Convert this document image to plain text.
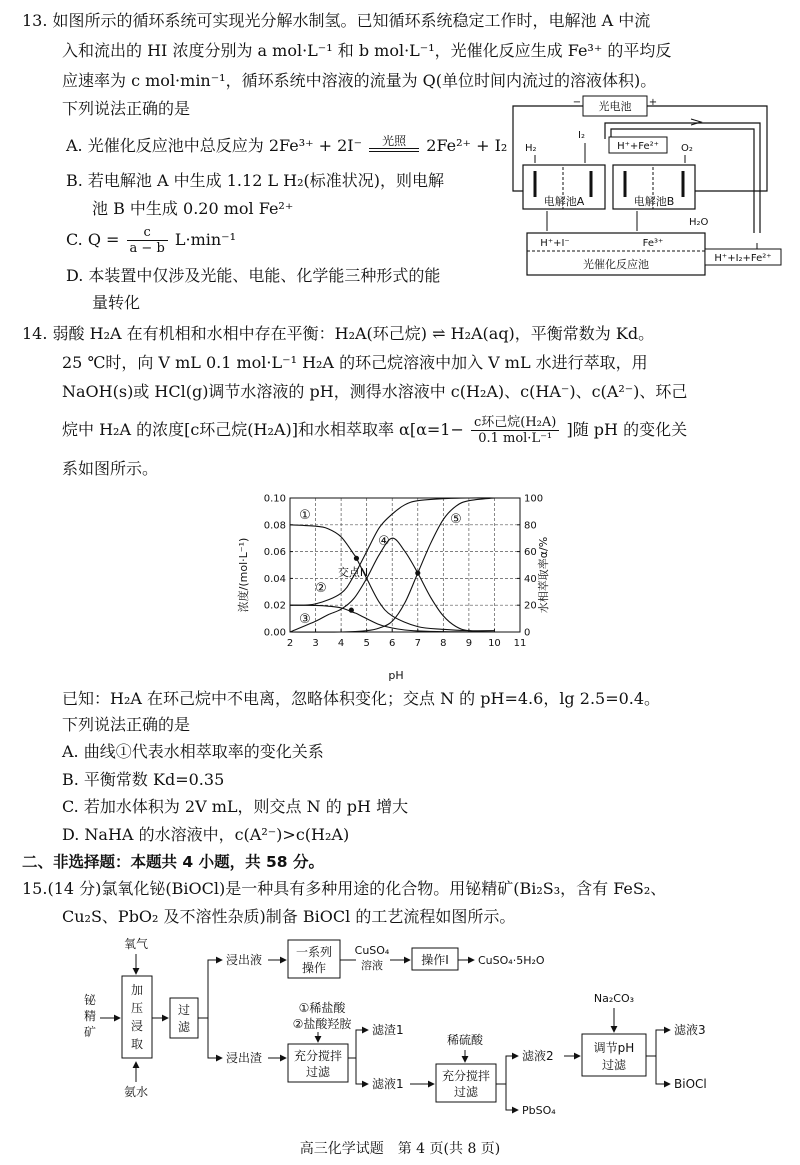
13. 如图所示的循环系统可实现光分解水制氢。已知循环系统稳定工作时，电解池 A 中流
入和流出的 HI 浓度分别为 a mol·L⁻¹ 和 b mol·L⁻¹，光催化反应生成 Fe³⁺ 的平均反
应速率为 c mol·min⁻¹，循环系统中溶液的流量为 Q(单位时间内流过的溶液体积)。
下列说法正确的是
A. 光催化反应池中总反应为 2Fe³⁺ + 2I⁻	光照	2Fe²⁺ + I₂
B. 若电解池 A 中生成 1.12 L H₂(标准状况)，则电解
池 B 中生成 0.20 mol Fe²⁺
C. $Q = \frac{c}{a - b} L\cdot\min^{-1}$
D. 本装置中仅涉及光能、电能、化学能三种形式的能
量转化
光电池
−	+
电解池A	电解池B
H₂
I₂
H⁺+Fe²⁺ O₂
H₂O
H⁺+I⁻	Fe³⁺
光催化反应池	H⁺+I₂+Fe²⁺
14. 弱酸 H₂A 在有机相和水相中存在平衡：H₂A(环己烷) ⇌ H₂A(aq)，平衡常数为 Kd。
25 ℃时，向 V mL 0.1 mol·L⁻¹ H₂A 的环己烷溶液中加入 V mL 水进行萃取，用
NaOH(s)或 HCl(g)调节水溶液的 pH，测得水溶液中 c(H₂A)、c(HA⁻)、c(A²⁻)、环己
烷中 H₂A 的浓度[c环己烷(H₂A)]和水相萃取率 $\alpha[\alpha=1- \frac{\text{c环己烷(H₂A)}}{\text{0.1 mol·L⁻¹}}$ ]随 pH 的变化关
系如图所示。
2 3 4 5 6 7 8 9 10 11
0.00
0.02
0.04
0.06
0.08
0.10
0
20
40
60
80
100
浓度/(mol·L⁻¹)	水相萃取率α/%
pH
交点N
①
②
③
④
⑤
已知：H₂A 在环己烷中不电离，忽略体积变化；交点 N 的 pH=4.6，lg 2.5=0.4。
下列说法正确的是
A. 曲线①代表水相萃取率的变化关系
B. 平衡常数 Kd=0.35
C. 若加水体积为 2V mL，则交点 N 的 pH 增大
D. NaHA 的水溶液中，c(A²⁻)>c(H₂A)
二、非选择题：本题共 4 小题，共 58 分。
15.(14 分)氯氧化铋(BiOCl)是一种具有多种用途的化合物。用铋精矿(Bi₂S₃，含有 FeS₂、
Cu₂S、PbO₂ 及不溶性杂质)制备 BiOCl 的工艺流程如图所示。
氧气
铋
精
矿
加
压
浸
取
氨水
过
滤
浸出液
浸出渣
一系列
操作
CuSO₄
溶液	操作Ⅰ	CuSO₄·5H₂O
①稀盐酸
②盐酸羟胺
充分搅拌
过滤
滤渣1
滤液1
稀硫酸
充分搅拌
过滤
PbSO₄
滤液2
Na₂CO₃
调节pH
过滤
滤液3
BiOCl
高三化学试题　第 4 页(共 8 页)
